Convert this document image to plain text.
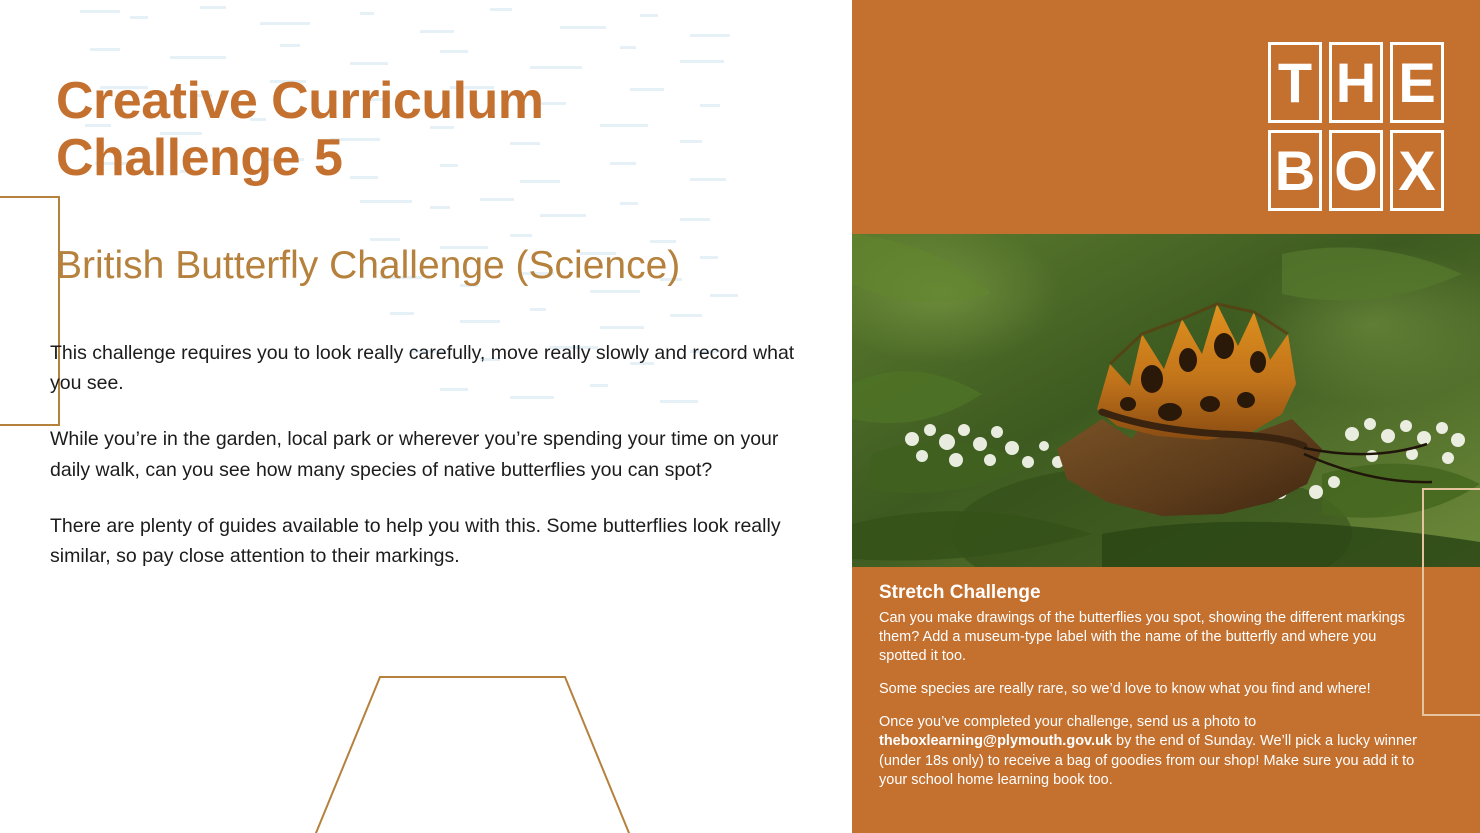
Creative Curriculum Challenge 5
British Butterfly Challenge (Science)

This challenge requires you to look really carefully, move really slowly and record what you see.

While you’re in the garden, local park or wherever you’re spending your time on your daily walk, can you see how many species of native butterflies you can spot?

There are plenty of guides available to help you with this. Some butterflies look really similar, so pay close attention to their markings.

T H E
B O X
Stretch Challenge

Can you make drawings of the butterflies you spot, showing the different markings them? Add a museum-type label with the name of the butterfly and where you spotted it too.

Some species are really rare, so we’d love to know what you find and where!

Once you’ve completed your challenge, send us a photo to theboxlearning@plymouth.gov.uk by the end of Sunday. We’ll pick a lucky winner (under 18s only) to receive a bag of goodies from our shop! Make sure you add it to your school home learning book too.
